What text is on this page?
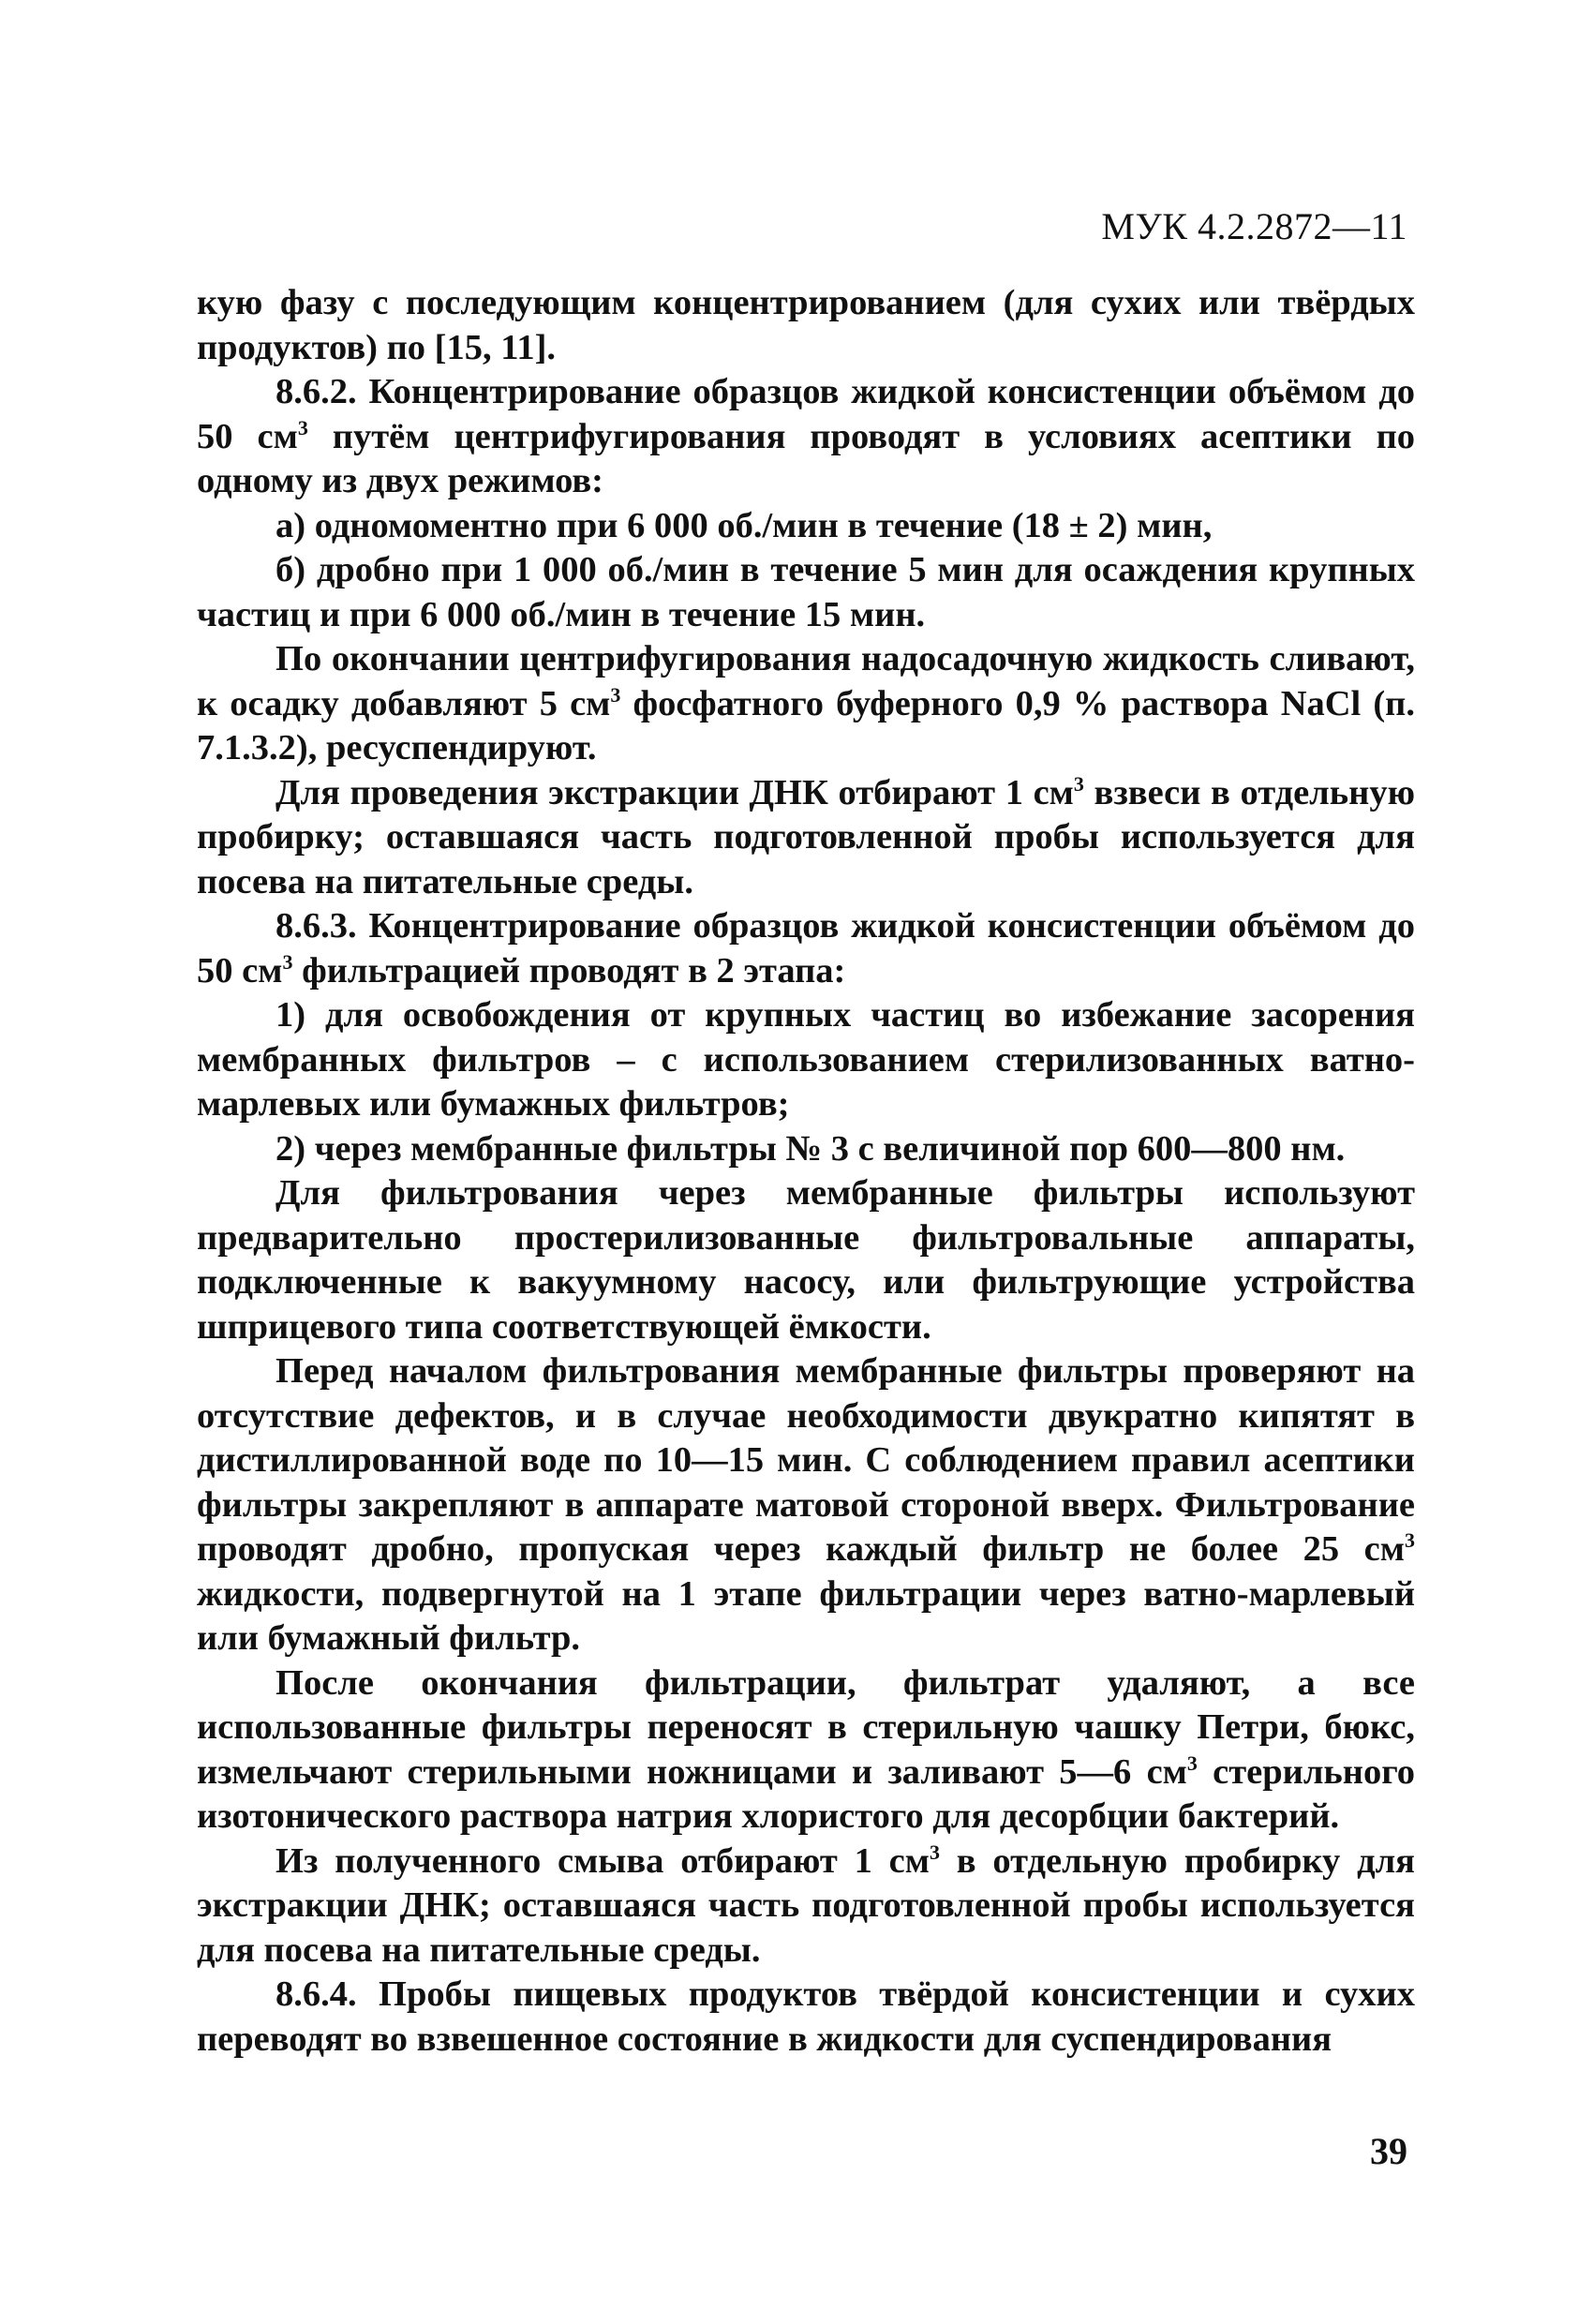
МУК 4.2.2872—11

кую фазу с последующим концентрированием (для сухих или твёрдых продуктов) по [15, 11].

8.6.2. Концентрирование образцов жидкой консистенции объёмом до 50 $см^3$ путём центрифугирования проводят в условиях асептики по одному из двух режимов:

а) одномоментно при 6 000 об./мин в течение (18 ± 2) мин,

б) дробно при 1 000 об./мин в течение 5 мин для осаждения крупных частиц и при 6 000 об./мин в течение 15 мин.

По окончании центрифугирования надосадочную жидкость сливают, к осадку добавляют 5 $см^3$ фосфатного буферного 0,9 % раствора NaCl (п. 7.1.3.2), ресуспендируют.

Для проведения экстракции ДНК отбирают 1 $см^3$ взвеси в отдельную пробирку; оставшаяся часть подготовленной пробы используется для посева на питательные среды.

8.6.3. Концентрирование образцов жидкой консистенции объёмом до 50 $см^3$ фильтрацией проводят в 2 этапа:

1) для освобождения от крупных частиц во избежание засорения мембранных фильтров – с использованием стерилизованных ватно-марлевых или бумажных фильтров;

2) через мембранные фильтры № 3 с величиной пор 600—800 нм.

Для фильтрования через мембранные фильтры используют предварительно простерилизованные фильтровальные аппараты, подключенные к вакуумному насосу, или фильтрующие устройства шприцевого типа соответствующей ёмкости.

Перед началом фильтрования мембранные фильтры проверяют на отсутствие дефектов, и в случае необходимости двукратно кипятят в дистиллированной воде по 10—15 мин. С соблюдением правил асептики фильтры закрепляют в аппарате матовой стороной вверх. Фильтрование проводят дробно, пропуская через каждый фильтр не более 25 $см^3$ жидкости, подвергнутой на 1 этапе фильтрации через ватно-марлевый или бумажный фильтр.

После окончания фильтрации, фильтрат удаляют, а все использованные фильтры переносят в стерильную чашку Петри, бюкс, измельчают стерильными ножницами и заливают 5—6 $см^3$ стерильного изотонического раствора натрия хлористого для десорбции бактерий.

Из полученного смыва отбирают 1 $см^3$ в отдельную пробирку для экстракции ДНК; оставшаяся часть подготовленной пробы используется для посева на питательные среды.

8.6.4. Пробы пищевых продуктов твёрдой консистенции и сухих переводят во взвешенное состояние в жидкости для суспендирования

39
